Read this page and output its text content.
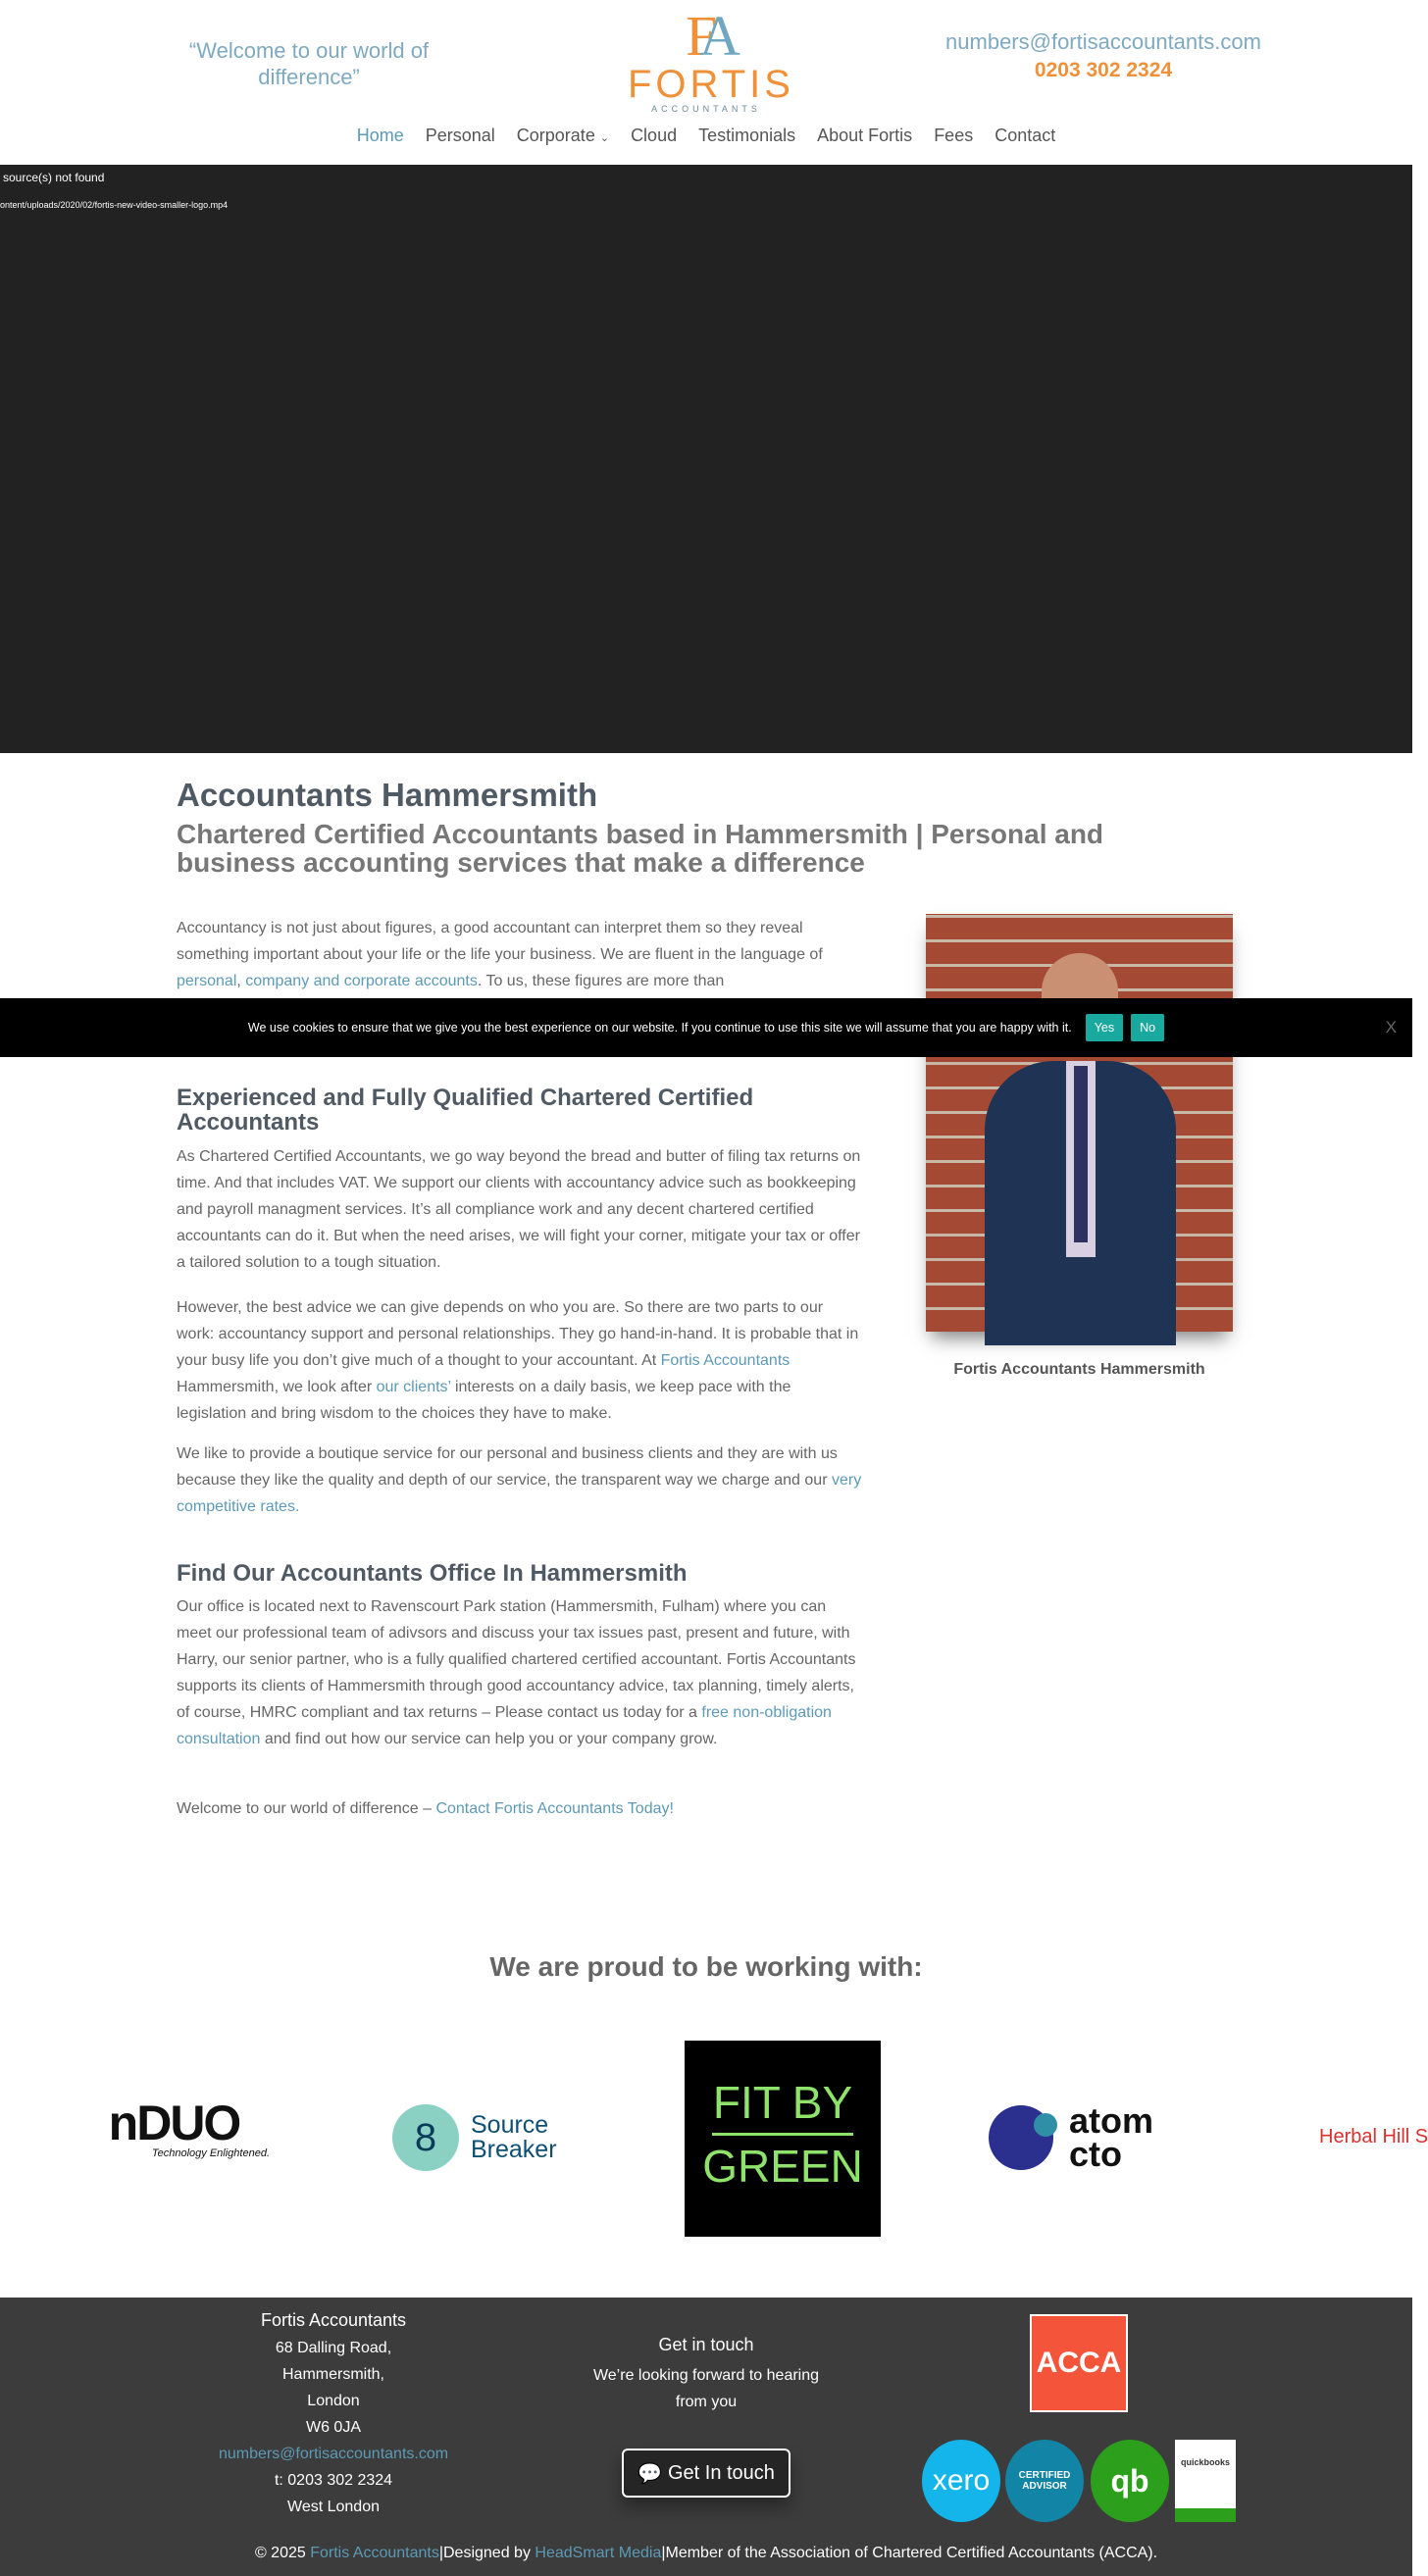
“Welcome to our world of difference”
FA
FORTIS
ACCOUNTANTS
numbers@fortisaccountants.com
0203 302 2324
Home Personal Corporate ⌄ Cloud Testimonials About Fortis Fees Contact
source(s) not found
ontent/uploads/2020/02/fortis-new-video-smaller-logo.mp4
Accountants Hammersmith
Chartered Certified Accountants based in Hammersmith | Personal and business accounting services that make a difference

Accountancy is not just about figures, a good accountant can interpret them so they reveal something important about your life or the life your business. We are fluent in the language of personal, company and corporate accounts. To us, these figures are more than

Experienced and Fully Qualified Chartered Certified Accountants

As Chartered Certified Accountants, we go way beyond the bread and butter of filing tax returns on time. And that includes VAT. We support our clients with accountancy advice such as bookkeeping and payroll managment services. It’s all compliance work and any decent chartered certified accountants can do it. But when the need arises, we will fight your corner, mitigate your tax or offer a tailored solution to a tough situation.

However, the best advice we can give depends on who you are. So there are two parts to our work: accountancy support and personal relationships. They go hand-in-hand. It is probable that in your busy life you don’t give much of a thought to your accountant. At Fortis Accountants Hammersmith, we look after our clients’ interests on a daily basis, we keep pace with the legislation and bring wisdom to the choices they have to make.

We like to provide a boutique service for our personal and business clients and they are with us because they like the quality and depth of our service, the transparent way we charge and our very competitive rates.

Find Our Accountants Office In Hammersmith

Our office is located next to Ravenscourt Park station (Hammersmith, Fulham) where you can meet our professional team of adivsors and discuss your tax issues past, present and future, with Harry, our senior partner, who is a fully qualified chartered certified accountant. Fortis Accountants supports its clients of Hammersmith through good accountancy advice, tax planning, timely alerts, of course, HMRC compliant and tax returns – Please contact us today for a free non-obligation consultation and find out how our service can help you or your company grow.

Welcome to our world of difference – Contact Fortis Accountants Today!

Fortis Accountants Hammersmith
We use cookies to ensure that we give you the best experience on our website. If you continue to use this site we will assume that you are happy with it.	Yes	No	X
We are proud to be working with:
nDUO
Technology Enlightened.	8	Source
Breaker
FIT BY
GREEN
atom
cto	Herbal Hill S
Fortis Accountants
68 Dalling Road,
Hammersmith,
London
W6 0JA
numbers@fortisaccountants.com
t: 0203 302 2324
West London
Get in touch
We’re looking forward to hearing from you
💬 Get In touch
ACCA
xero	CERTIFIED ADVISOR	qb
quickbooks
© 2025 Fortis Accountants|Designed by HeadSmart Media|Member of the Association of Chartered Certified Accountants (ACCA).
